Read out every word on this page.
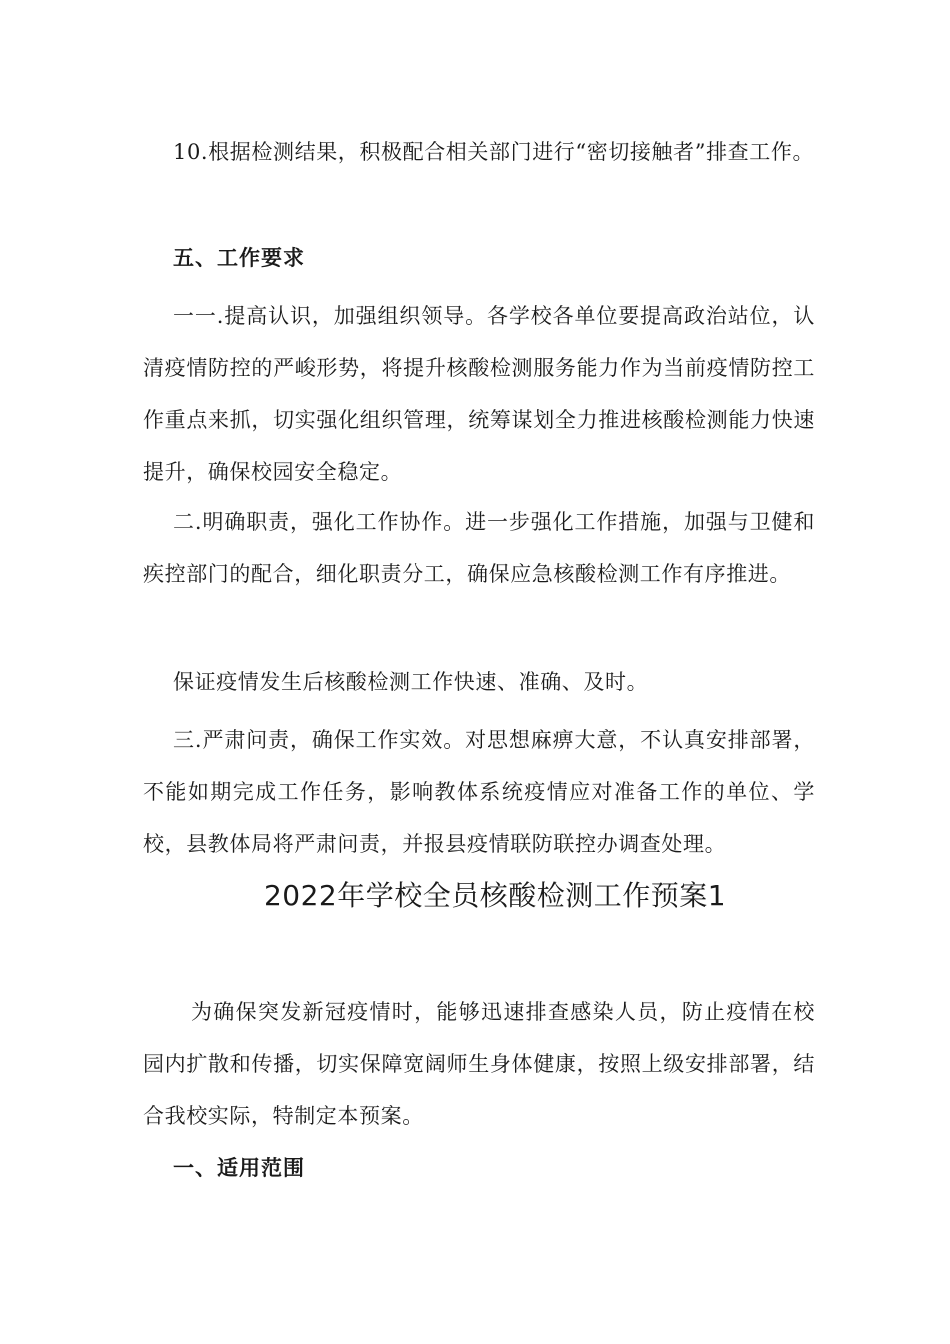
10.根据检测结果，积极配合相关部门进行“密切接触者”排查工作。

五、工作要求

一一.提高认识，加强组织领导。各学校各单位要提高政治站位，认清疫情防控的严峻形势，将提升核酸检测服务能力作为当前疫情防控工作重点来抓，切实强化组织管理，统筹谋划全力推进核酸检测能力快速提升，确保校园安全稳定。

二.明确职责，强化工作协作。进一步强化工作措施，加强与卫健和疾控部门的配合，细化职责分工，确保应急核酸检测工作有序推进。

保证疫情发生后核酸检测工作快速、准确、及时。

三.严肃问责，确保工作实效。对思想麻痹大意，不认真安排部署，不能如期完成工作任务，影响教体系统疫情应对准备工作的单位、学校，县教体局将严肃问责，并报县疫情联防联控办调查处理。

2022年学校全员核酸检测工作预案1

为确保突发新冠疫情时，能够迅速排查感染人员，防止疫情在校园内扩散和传播，切实保障宽阔师生身体健康，按照上级安排部署，结合我校实际，特制定本预案。

一、适用范围
